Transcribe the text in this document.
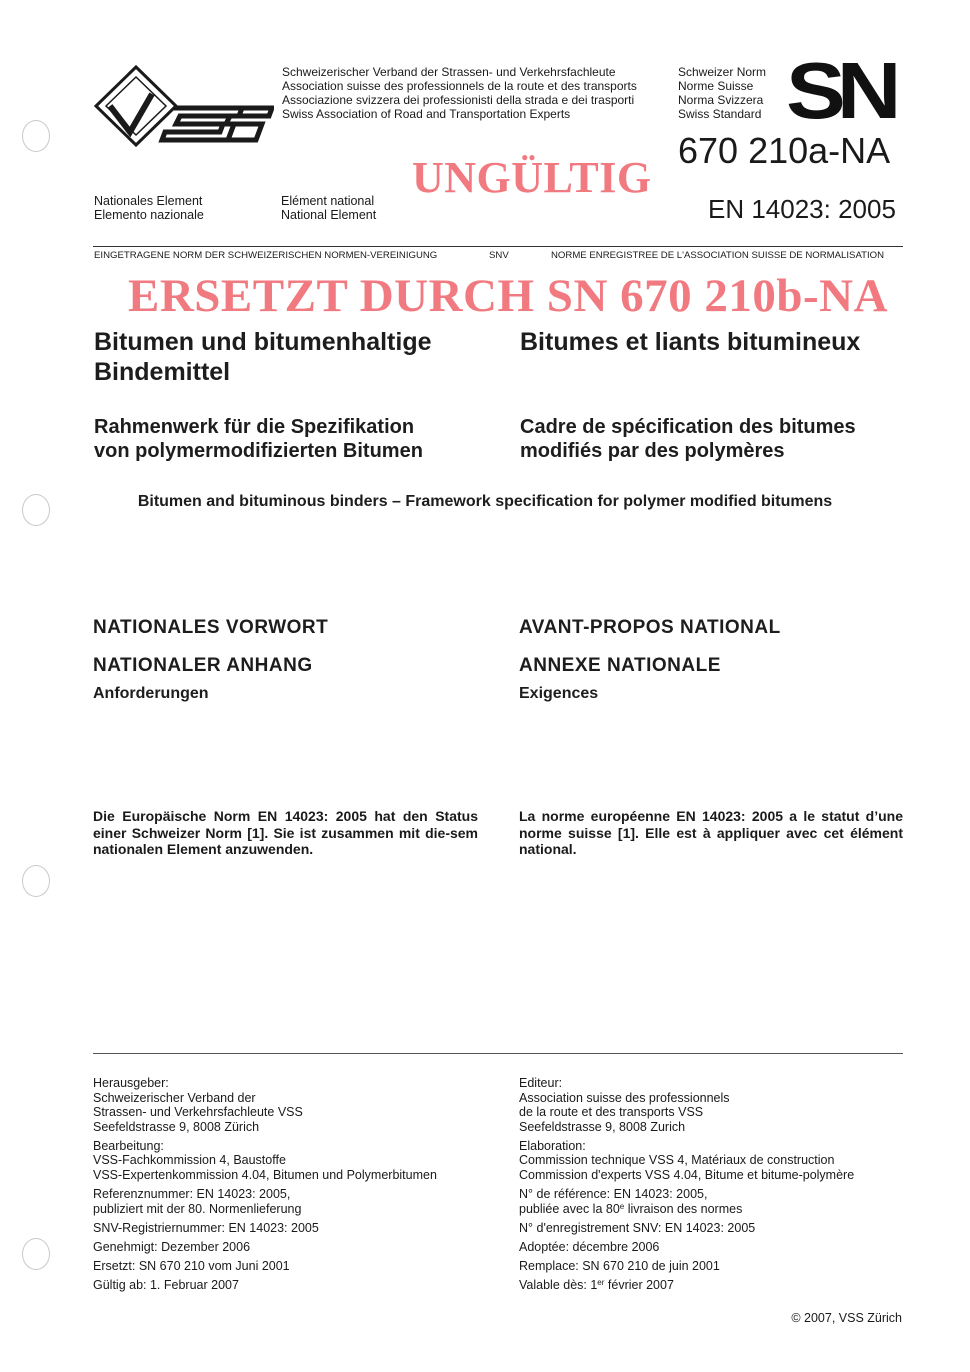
Schweizerischer Verband der Strassen- und Verkehrsfachleute
Association suisse des professionnels de la route et des transports
Associazione svizzera dei professionisti della strada e dei trasporti
Swiss Association of Road and Transportation Experts
Schweizer Norm
Norme Suisse
Norma Svizzera
Swiss Standard SN
670 210a-NA
EN 14023: 2005
Nationales Element
Elemento nazionale
Elément national
National Element
UNGÜLTIG
EINGETRAGENE NORM DER SCHWEIZERISCHEN NORMEN-VEREINIGUNG	SNV	NORME ENREGISTREE DE L'ASSOCIATION SUISSE DE NORMALISATION
ERSETZT DURCH SN 670 210b-NA
Bitumen und bitumenhaltige
Bindemittel
Bitumes et liants bitumineux
Rahmenwerk für die Spezifikation
von polymermodifizierten Bitumen
Cadre de spécification des bitumes
modifiés par des polymères
Bitumen and bituminous binders – Framework specification for polymer modified bitumens
NATIONALES VORWORT	AVANT-PROPOS NATIONAL
NATIONALER ANHANG	ANNEXE NATIONALE
Anforderungen	Exigences
Die Europäische Norm EN 14023: 2005 hat den Status einer Schweizer Norm [1]. Sie ist zusammen mit die-sem nationalen Element anzuwenden.
La norme européenne EN 14023: 2005 a le statut d’une norme suisse [1]. Elle est à appliquer avec cet élément national.
Herausgeber:
Schweizerischer Verband der
Strassen- und Verkehrsfachleute VSS
Seefeldstrasse 9, 8008 Zürich
Bearbeitung:
VSS-Fachkommission 4, Baustoffe
VSS-Expertenkommission 4.04, Bitumen und Polymerbitumen
Referenznummer: EN 14023: 2005,
publiziert mit der 80. Normenlieferung
SNV-Registriernummer: EN 14023: 2005
Genehmigt: Dezember 2006
Ersetzt: SN 670 210 vom Juni 2001
Gültig ab: 1. Februar 2007
Editeur:
Association suisse des professionnels
de la route et des transports VSS
Seefeldstrasse 9, 8008 Zurich
Elaboration:
Commission technique VSS 4, Matériaux de construction
Commission d'experts VSS 4.04, Bitume et bitume-polymère
N° de référence: EN 14023: 2005,
publiée avec la 80e livraison des normes
N° d'enregistrement SNV: EN 14023: 2005
Adoptée: décembre 2006
Remplace: SN 670 210 de juin 2001
Valable dès: 1er février 2007
© 2007, VSS Zürich
